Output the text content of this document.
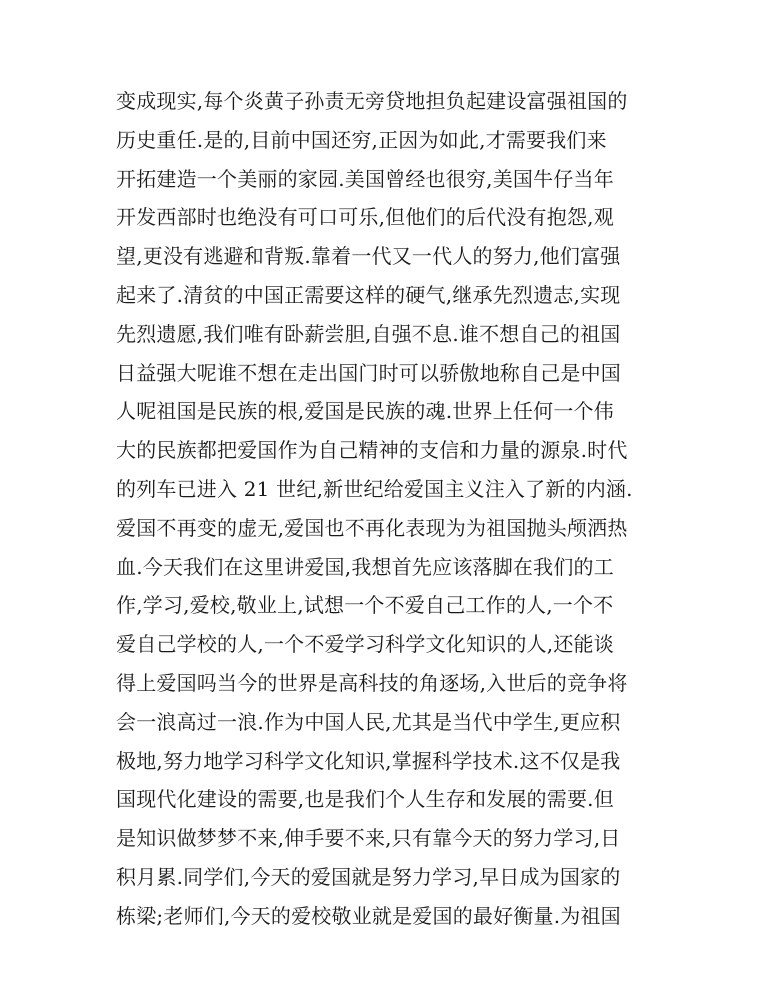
变成现实,每个炎黄子孙责无旁贷地担负起建设富强祖国的
历史重任.是的,目前中国还穷,正因为如此,才需要我们来
开拓建造一个美丽的家园.美国曾经也很穷,美国牛仔当年
开发西部时也绝没有可口可乐,但他们的后代没有抱怨,观
望,更没有逃避和背叛.靠着一代又一代人的努力,他们富强
起来了.清贫的中国正需要这样的硬气,继承先烈遗志,实现
先烈遗愿,我们唯有卧薪尝胆,自强不息.谁不想自己的祖国
日益强大呢谁不想在走出国门时可以骄傲地称自己是中国
人呢祖国是民族的根,爱国是民族的魂.世界上任何一个伟
大的民族都把爱国作为自己精神的支信和力量的源泉.时代
的列车已进入 21 世纪,新世纪给爱国主义注入了新的内涵.
爱国不再变的虚无,爱国也不再化表现为为祖国抛头颅洒热
血.今天我们在这里讲爱国,我想首先应该落脚在我们的工
作,学习,爱校,敬业上,试想一个不爱自己工作的人,一个不
爱自己学校的人,一个不爱学习科学文化知识的人,还能谈
得上爱国吗当今的世界是高科技的角逐场,入世后的竞争将
会一浪高过一浪.作为中国人民,尤其是当代中学生,更应积
极地,努力地学习科学文化知识,掌握科学技术.这不仅是我
国现代化建设的需要,也是我们个人生存和发展的需要.但
是知识做梦梦不来,伸手要不来,只有靠今天的努力学习,日
积月累.同学们,今天的爱国就是努力学习,早日成为国家的
栋梁;老师们,今天的爱校敬业就是爱国的最好衡量.为祖国
